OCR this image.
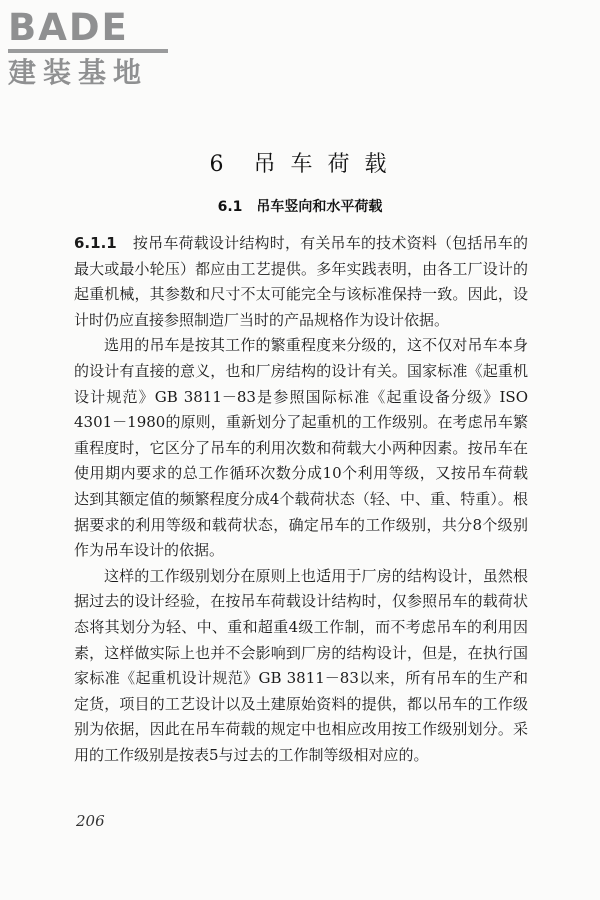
BADE
建装基地
6　吊 车 荷 载
6.1 吊车竖向和水平荷载

6.1.1 按吊车荷载设计结构时，有关吊车的技术资料（包括吊车的最大或最小轮压）都应由工艺提供。多年实践表明，由各工厂设计的起重机械，其参数和尺寸不太可能完全与该标准保持一致。因此，设计时仍应直接参照制造厂当时的产品规格作为设计依据。

选用的吊车是按其工作的繁重程度来分级的，这不仅对吊车本身的设计有直接的意义，也和厂房结构的设计有关。国家标准《起重机设计规范》GB 3811－83是参照国际标准《起重设备分级》ISO 4301－1980的原则，重新划分了起重机的工作级别。在考虑吊车繁重程度时，它区分了吊车的利用次数和荷载大小两种因素。按吊车在使用期内要求的总工作循环次数分成10个利用等级，又按吊车荷载达到其额定值的频繁程度分成4个载荷状态（轻、中、重、特重）。根据要求的利用等级和载荷状态，确定吊车的工作级别，共分8个级别作为吊车设计的依据。

这样的工作级别划分在原则上也适用于厂房的结构设计，虽然根据过去的设计经验，在按吊车荷载设计结构时，仅参照吊车的载荷状态将其划分为轻、中、重和超重4级工作制，而不考虑吊车的利用因素，这样做实际上也并不会影响到厂房的结构设计，但是，在执行国家标准《起重机设计规范》GB 3811－83以来，所有吊车的生产和定货，项目的工艺设计以及土建原始资料的提供，都以吊车的工作级别为依据，因此在吊车荷载的规定中也相应改用按工作级别划分。采用的工作级别是按表5与过去的工作制等级相对应的。

206
